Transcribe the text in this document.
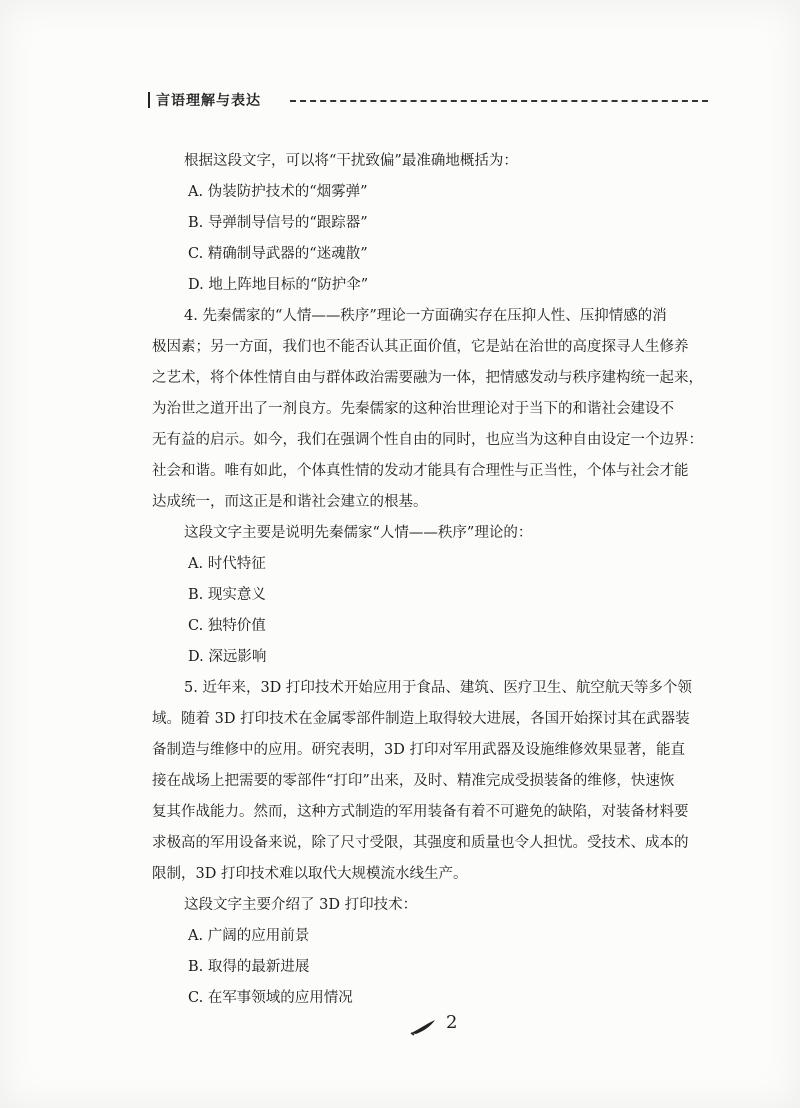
言语理解与表达
根据这段文字，可以将“干扰致偏”最准确地概括为：
A. 伪装防护技术的“烟雾弹”
B. 导弹制导信号的“跟踪器”
C. 精确制导武器的“迷魂散”
D. 地上阵地目标的“防护伞”
4. 先秦儒家的“人情——秩序”理论一方面确实存在压抑人性、压抑情感的消
极因素；另一方面，我们也不能否认其正面价值，它是站在治世的高度探寻人生修养
之艺术，将个体性情自由与群体政治需要融为一体，把情感发动与秩序建构统一起来，
为治世之道开出了一剂良方。先秦儒家的这种治世理论对于当下的和谐社会建设不
无有益的启示。如今，我们在强调个性自由的同时，也应当为这种自由设定一个边界：
社会和谐。唯有如此，个体真性情的发动才能具有合理性与正当性，个体与社会才能
达成统一，而这正是和谐社会建立的根基。
这段文字主要是说明先秦儒家“人情——秩序”理论的：
A. 时代特征
B. 现实意义
C. 独特价值
D. 深远影响
5. 近年来，3D 打印技术开始应用于食品、建筑、医疗卫生、航空航天等多个领
域。随着 3D 打印技术在金属零部件制造上取得较大进展，各国开始探讨其在武器装
备制造与维修中的应用。研究表明，3D 打印对军用武器及设施维修效果显著，能直
接在战场上把需要的零部件“打印”出来，及时、精准完成受损装备的维修，快速恢
复其作战能力。然而，这种方式制造的军用装备有着不可避免的缺陷，对装备材料要
求极高的军用设备来说，除了尺寸受限，其强度和质量也令人担忧。受技术、成本的
限制，3D 打印技术难以取代大规模流水线生产。
这段文字主要介绍了 3D 打印技术：
A. 广阔的应用前景
B. 取得的最新进展
C. 在军事领域的应用情况
2
